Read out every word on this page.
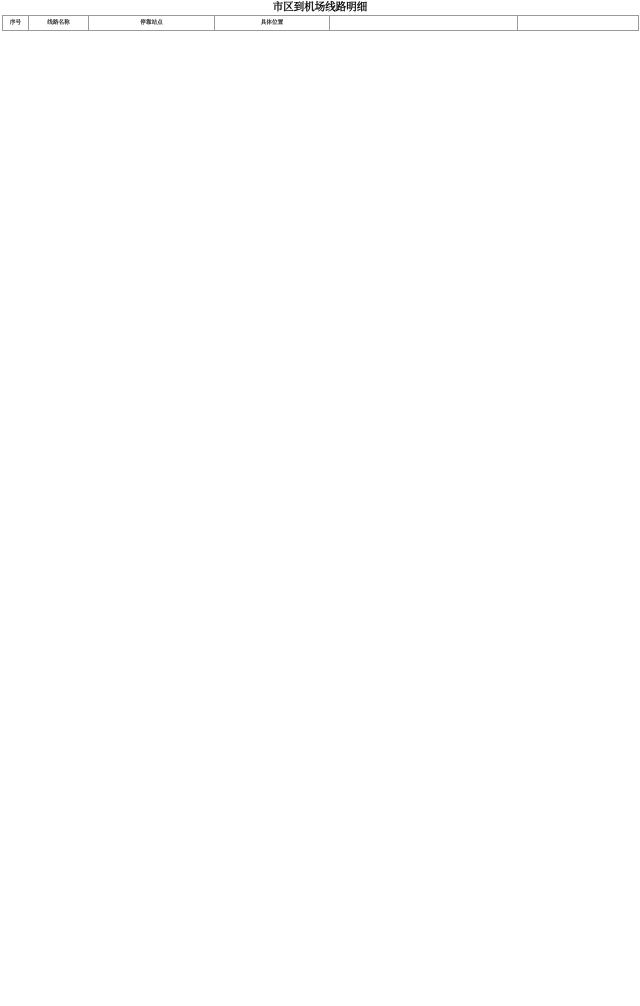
市区到机场线路明细
序号	线路名称	停靠站点	具体位置		
